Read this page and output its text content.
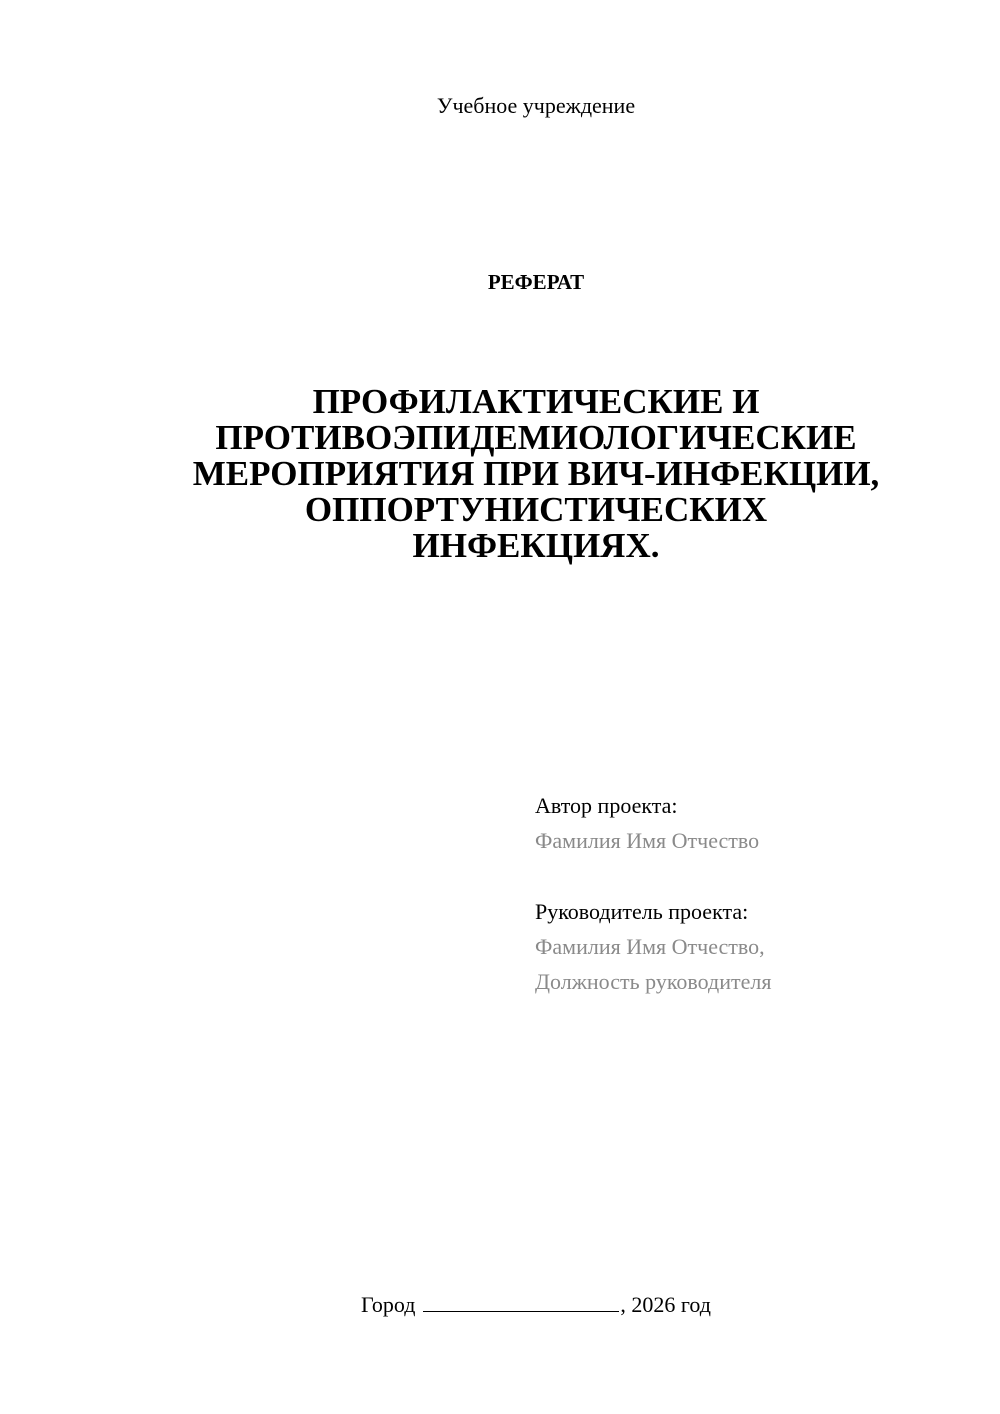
Учебное учреждение
РЕФЕРАТ
ПРОФИЛАКТИЧЕСКИЕ И
ПРОТИВОЭПИДЕМИОЛОГИЧЕСКИЕ
МЕРОПРИЯТИЯ ПРИ ВИЧ-ИНФЕКЦИИ,
ОППОРТУНИСТИЧЕСКИХ
ИНФЕКЦИЯХ.
Автор проекта:
Фамилия Имя Отчество
Руководитель проекта:
Фамилия Имя Отчество,
Должность руководителя
Город	, 2026 год
